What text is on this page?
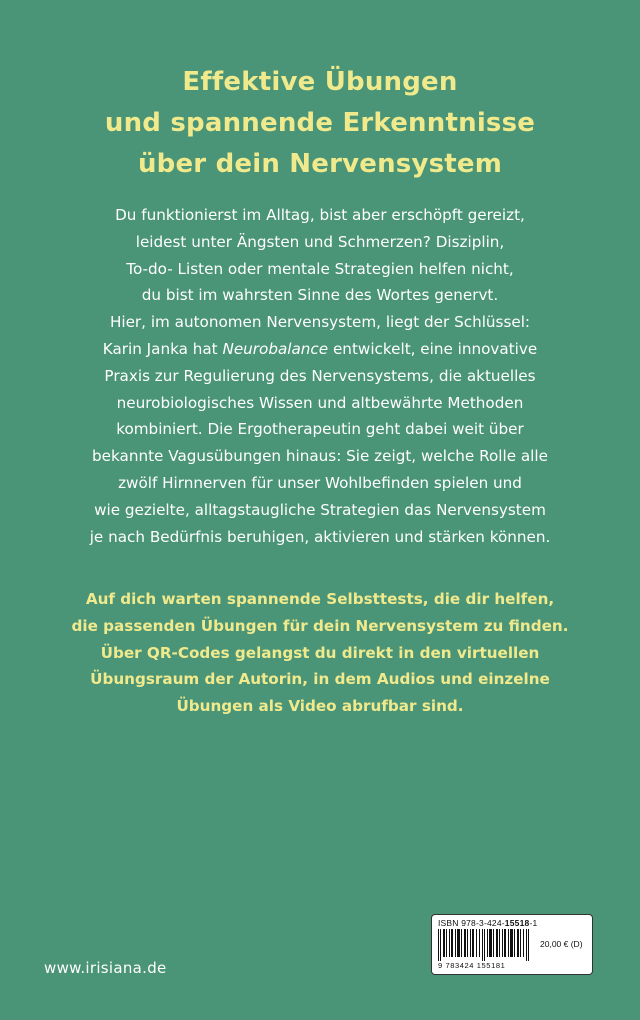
Effektive Übungen
und spannende Erkenntnisse
über dein Nervensystem
Du funktionierst im Alltag, bist aber erschöpft gereizt,
leidest unter Ängsten und Schmerzen? Disziplin,
To-do- Listen oder mentale Strategien helfen nicht,
du bist im wahrsten Sinne des Wortes genervt.
Hier, im autonomen Nervensystem, liegt der Schlüssel:
Karin Janka hat Neurobalance entwickelt, eine innovative
Praxis zur Regulierung des Nervensystems, die aktuelles
neurobiologisches Wissen und altbewährte Methoden
kombiniert. Die Ergotherapeutin geht dabei weit über
bekannte Vagusübungen hinaus: Sie zeigt, welche Rolle alle
zwölf Hirnnerven für unser Wohlbefinden spielen und
wie gezielte, alltagstaugliche Strategien das Nervensystem
je nach Bedürfnis beruhigen, aktivieren und stärken können.
Auf dich warten spannende Selbsttests, die dir helfen,
die passenden Übungen für dein Nervensystem zu finden.
Über QR-Codes gelangst du direkt in den virtuellen
Übungsraum der Autorin, in dem Audios und einzelne
Übungen als Video abrufbar sind.
www.irisiana.de
ISBN 978-3-424-15518-1
20,00 € (D)
9 783424 155181
